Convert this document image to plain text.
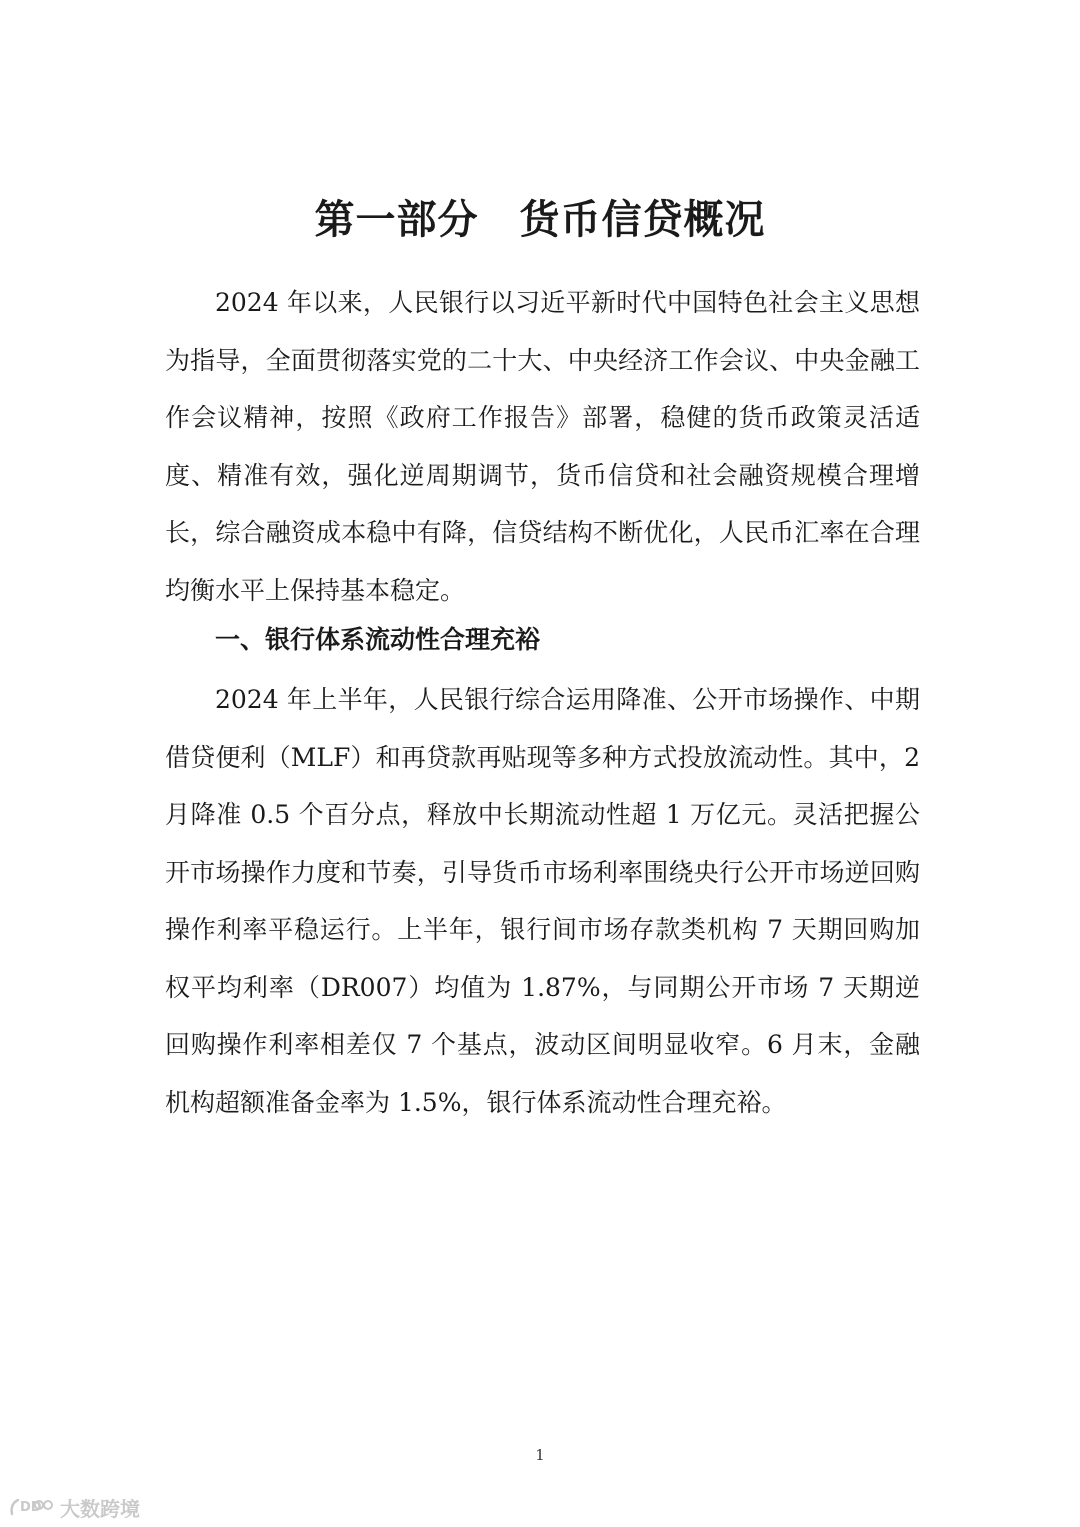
第一部分　货币信贷概况

2024 年以来，人民银行以习近平新时代中国特色社会主义思想为指导，全面贯彻落实党的二十大、中央经济工作会议、中央金融工作会议精神，按照《政府工作报告》部署，稳健的货币政策灵活适度、精准有效，强化逆周期调节，货币信贷和社会融资规模合理增长，综合融资成本稳中有降，信贷结构不断优化，人民币汇率在合理均衡水平上保持基本稳定。

一、银行体系流动性合理充裕

2024 年上半年，人民银行综合运用降准、公开市场操作、中期借贷便利（MLF）和再贷款再贴现等多种方式投放流动性。其中，2 月降准 0.5 个百分点，释放中长期流动性超 1 万亿元。灵活把握公开市场操作力度和节奏，引导货币市场利率围绕央行公开市场逆回购操作利率平稳运行。上半年，银行间市场存款类机构 7 天期回购加权平均利率（DR007）均值为 1.87%，与同期公开市场 7 天期逆回购操作利率相差仅 7 个基点，波动区间明显收窄。6 月末，金融机构超额准备金率为 1.5%，银行体系流动性合理充裕。

1
DD 大数跨境
